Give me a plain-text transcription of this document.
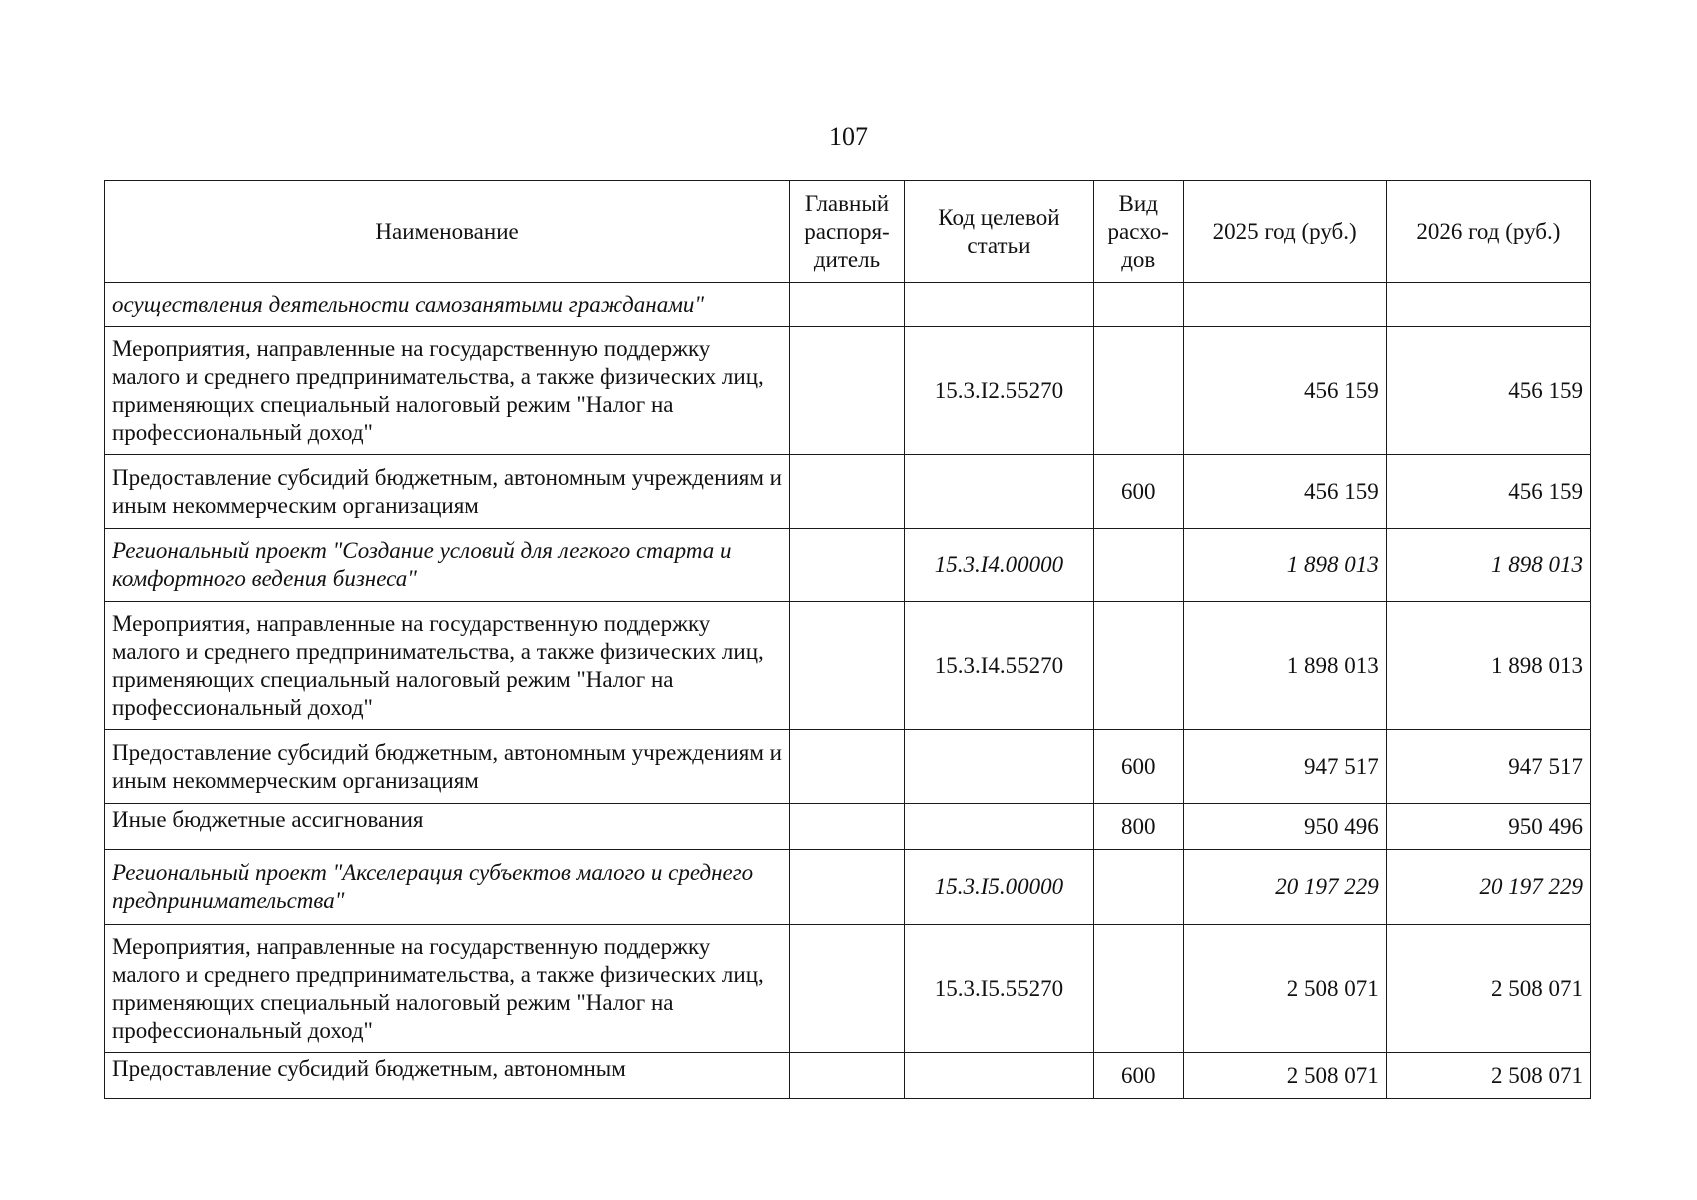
107
Наименование	Главный распоря-дитель	Код целевой статьи	Вид расхо-дов	2025 год (руб.)	2026 год (руб.)
осуществления деятельности самозанятыми гражданами"					
Мероприятия, направленные на государственную поддержку малого и среднего предпринимательства, а также физических лиц, применяющих специальный налоговый режим "Налог на профессиональный доход"		15.3.I2.55270		456 159	456 159
Предоставление субсидий бюджетным, автономным учреждениям и иным некоммерческим организациям			600	456 159	456 159
Региональный проект "Создание условий для легкого старта и комфортного ведения бизнеса"		15.3.I4.00000		1 898 013	1 898 013
Мероприятия, направленные на государственную поддержку малого и среднего предпринимательства, а также физических лиц, применяющих специальный налоговый режим "Налог на профессиональный доход"		15.3.I4.55270		1 898 013	1 898 013
Предоставление субсидий бюджетным, автономным учреждениям и иным некоммерческим организациям			600	947 517	947 517
Иные бюджетные ассигнования			800	950 496	950 496
Региональный проект "Акселерация субъектов малого и среднего предпринимательства"		15.3.I5.00000		20 197 229	20 197 229
Мероприятия, направленные на государственную поддержку малого и среднего предпринимательства, а также физических лиц, применяющих специальный налоговый режим "Налог на профессиональный доход"		15.3.I5.55270		2 508 071	2 508 071
Предоставление субсидий бюджетным, автономным			600	2 508 071	2 508 071
